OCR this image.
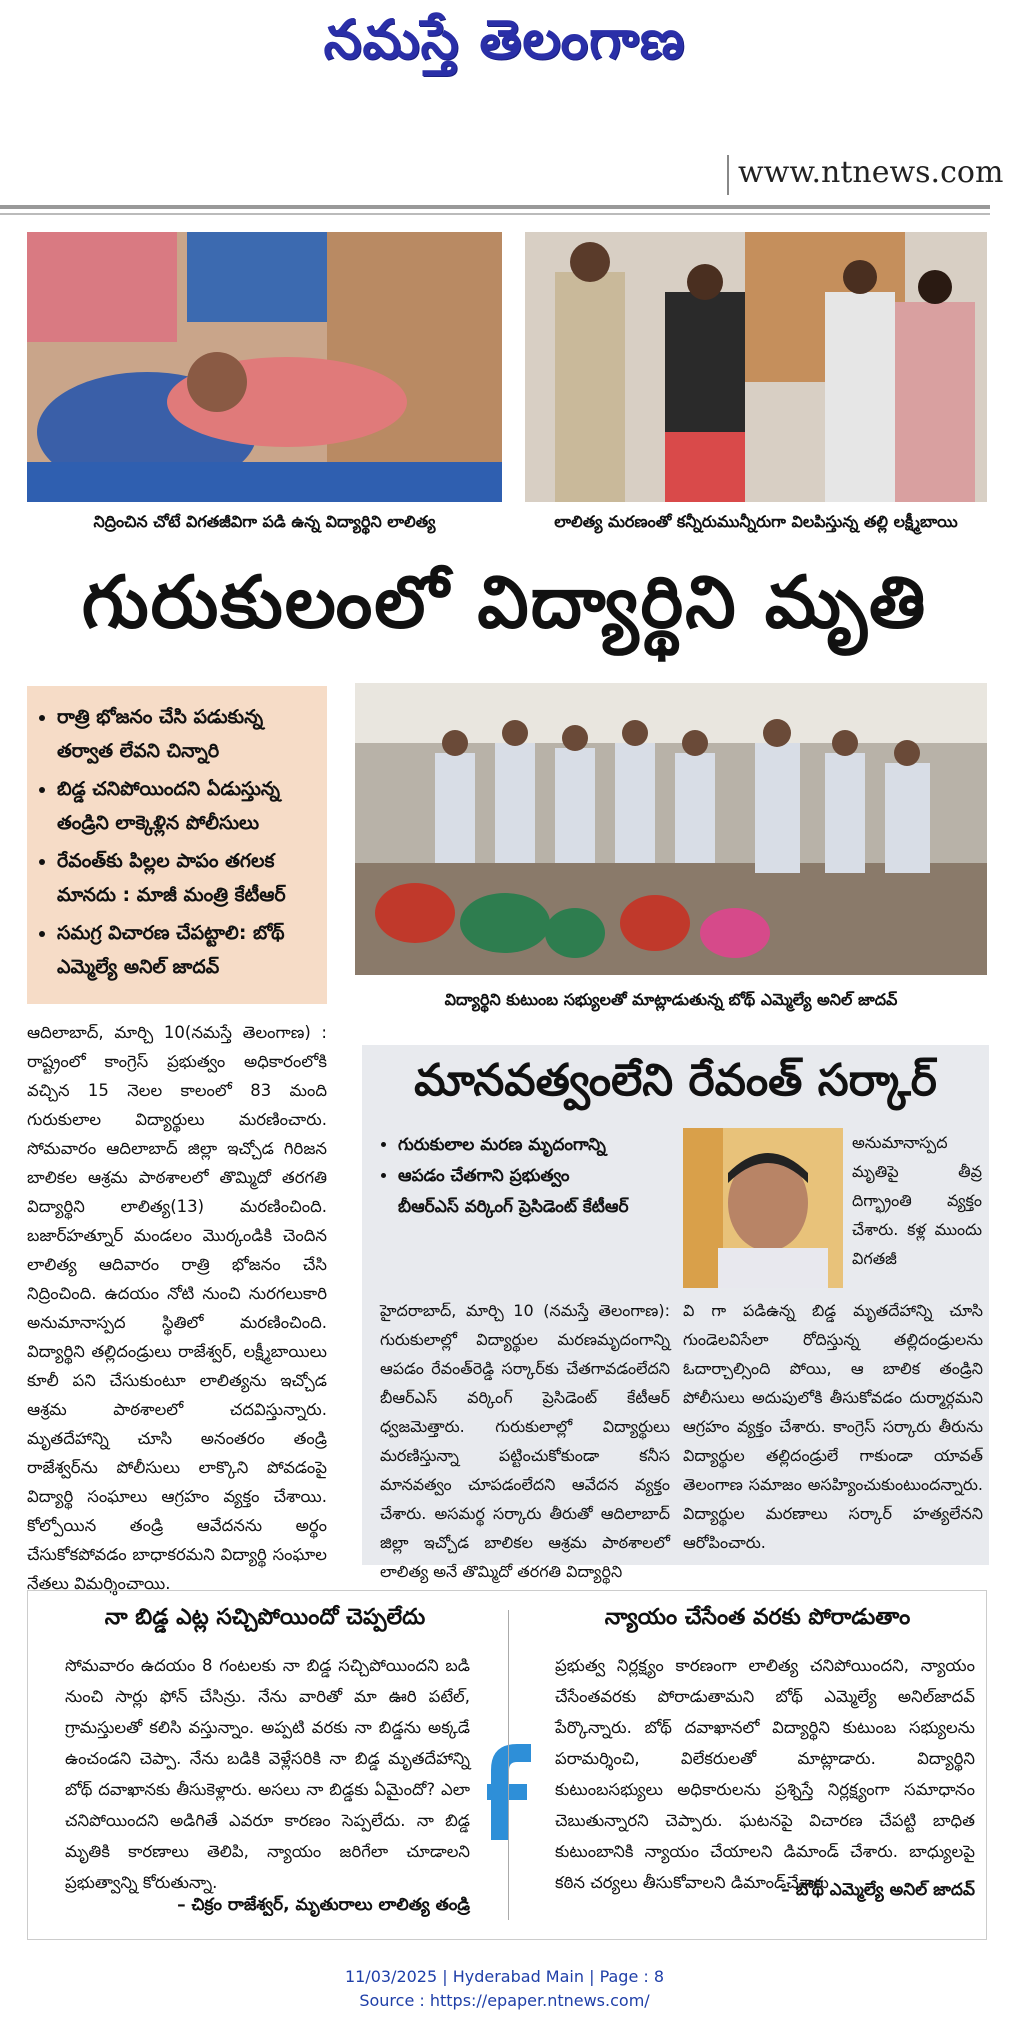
నమస్తే తెలంగాణ
www.ntnews.com
నిద్రించిన చోటే విగతజీవిగా పడి ఉన్న విద్యార్థిని లాలిత్య	లాలిత్య మరణంతో కన్నీరుమున్నీరుగా విలపిస్తున్న తల్లి లక్ష్మీబాయి
గురుకులంలో విద్యార్థిని మృతి
• రాత్రి భోజనం చేసి పడుకున్న తర్వాత లేవని చిన్నారి
• బిడ్డ చనిపోయిందని ఏడుస్తున్న తండ్రిని లాక్కెళ్లిన పోలీసులు
• రేవంత్‌కు పిల్లల పాపం తగలక మానదు : మాజీ మంత్రి కేటీఆర్
• సమగ్ర విచారణ చేపట్టాలి: బోథ్ ఎమ్మెల్యే అనిల్ జాదవ్
విద్యార్థిని కుటుంబ సభ్యులతో మాట్లాడుతున్న బోథ్ ఎమ్మెల్యే అనిల్ జాదవ్
ఆదిలాబాద్, మార్చి 10(నమస్తే తెలంగాణ) : రాష్ట్రంలో కాంగ్రెస్ ప్రభుత్వం అధికారంలోకి వచ్చిన 15 నెలల కాలంలో 83 మంది గురుకులాల విద్యార్థులు మరణించారు. సోమవారం ఆదిలాబాద్ జిల్లా ఇచ్చోడ గిరిజన బాలికల ఆశ్రమ పాఠశాలలో తొమ్మిదో తరగతి విద్యార్థిని లాలిత్య(13) మరణించింది. బజార్‌హత్నూర్ మండలం మొర్కండికి చెందిన లాలిత్య ఆదివారం రాత్రి భోజనం చేసి నిద్రించింది. ఉదయం నోటి నుంచి నురగలుకారి అనుమానాస్పద స్థితిలో మరణించింది. విద్యార్థిని తల్లిదండ్రులు రాజేశ్వర్, లక్ష్మీబాయిలు కూలీ పని చేసుకుంటూ లాలిత్యను ఇచ్చోడ ఆశ్రమ పాఠశాలలో చదవిస్తున్నారు. మృతదేహాన్ని చూసి అనంతరం తండ్రి రాజేశ్వర్‌ను పోలీసులు లాక్కొని పోవడంపై విద్యార్థి సంఘాలు ఆగ్రహం వ్యక్తం చేశాయి. కోల్పోయిన తండ్రి ఆవేదనను అర్థం చేసుకోకపోవడం బాధాకరమని విద్యార్థి సంఘాల నేతలు విమర్శించాయి.
మానవత్వంలేని రేవంత్ సర్కార్
• గురుకులాల మరణ మృదంగాన్ని
• ఆపడం చేతగాని ప్రభుత్వం
బీఆర్ఎస్ వర్కింగ్ ప్రెసిడెంట్ కేటీఆర్
అనుమానాస్పద మృతిపై తీవ్ర దిగ్భ్రాంతి వ్యక్తం చేశారు. కళ్ల ముందు విగతజీ
హైదరాబాద్, మార్చి 10 (నమస్తే తెలంగాణ): గురుకులాల్లో విద్యార్థుల మరణమృదంగాన్ని ఆపడం రేవంత్‌రెడ్డి సర్కార్‌కు చేతగావడంలేదని బీఆర్ఎస్ వర్కింగ్ ప్రెసిడెంట్ కేటీఆర్ ధ్వజమెత్తారు. గురుకులాల్లో విద్యార్థులు మరణిస్తున్నా పట్టించుకోకుండా కనీస మానవత్వం చూపడంలేదని ఆవేదన వ్యక్తం చేశారు. అసమర్థ సర్కారు తీరుతో ఆదిలాబాద్ జిల్లా ఇచ్చోడ బాలికల ఆశ్రమ పాఠశాలలో లాలిత్య అనే తొమ్మిదో తరగతి విద్యార్థిని
వి గా పడిఉన్న బిడ్డ మృతదేహాన్ని చూసి గుండెలవిసేలా రోదిస్తున్న తల్లిదండ్రులను ఓదార్చాల్సింది పోయి, ఆ బాలిక తండ్రిని పోలీసులు అదుపులోకి తీసుకోవడం దుర్మార్గమని ఆగ్రహం వ్యక్తం చేశారు. కాంగ్రెస్ సర్కారు తీరును విద్యార్థుల తల్లిదండ్రులే గాకుండా యావత్ తెలంగాణ సమాజం అసహ్యించుకుంటుందన్నారు. విద్యార్థుల మరణాలు సర్కార్ హత్యలేనని ఆరోపించారు.
నా బిడ్డ ఎట్ల సచ్చిపోయిందో చెప్పలేదు
సోమవారం ఉదయం 8 గంటలకు నా బిడ్డ సచ్చిపోయిందని బడి నుంచి సార్లు ఫోన్ చేసిన్రు. నేను వారితో మా ఊరి పటేల్, గ్రామస్తులతో కలిసి వస్తున్నాం. అప్పటి వరకు నా బిడ్డను అక్కడే ఉంచండని చెప్పా. నేను బడికి వెళ్లేసరికి నా బిడ్డ మృతదేహాన్ని బోథ్ దవాఖానకు తీసుకెళ్లారు. అసలు నా బిడ్డకు ఏమైందో? ఎలా చనిపోయిందని అడిగితే ఎవరూ కారణం సెప్పలేదు. నా బిడ్డ మృతికి కారణాలు తెలిపి, న్యాయం జరిగేలా చూడాలని ప్రభుత్వాన్ని కోరుతున్నా.
– చిక్రం రాజేశ్వర్, మృతురాలు లాలిత్య తండ్రి
న్యాయం చేసేంత వరకు పోరాడుతాం
ప్రభుత్వ నిర్లక్ష్యం కారణంగా లాలిత్య చనిపోయిందని, న్యాయం చేసేంతవరకు పోరాడుతామని బోథ్ ఎమ్మెల్యే అనిల్‌జాదవ్ పేర్కొన్నారు. బోథ్ దవాఖానలో విద్యార్థిని కుటుంబ సభ్యులను పరామర్శించి, విలేకరులతో మాట్లాడారు. విద్యార్థిని కుటుంబసభ్యులు అధికారులను ప్రశ్నిస్తే నిర్లక్ష్యంగా సమాధానం చెబుతున్నారని చెప్పారు. ఘటనపై విచారణ చేపట్టి బాధిత కుటుంబానికి న్యాయం చేయాలని డిమాండ్ చేశారు. బాధ్యులపై కఠిన చర్యలు తీసుకోవాలని డిమాండ్‌చేశారు
– బోథ్ ఎమ్మెల్యే అనిల్ జాదవ్
11/03/2025 | Hyderabad Main | Page : 8
Source : https://epaper.ntnews.com/
